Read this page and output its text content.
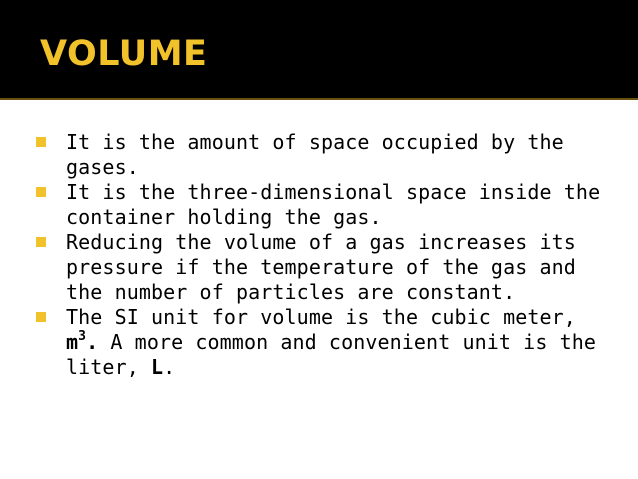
VOLUME
It is the amount of space occupied by the gases.
It is the three-dimensional space inside the container holding the gas.
Reducing the volume of a gas increases its pressure if the temperature of the gas and the number of particles are constant.
The SI unit for volume is the cubic meter, $m^3$. A more common and convenient unit is the liter, L.
